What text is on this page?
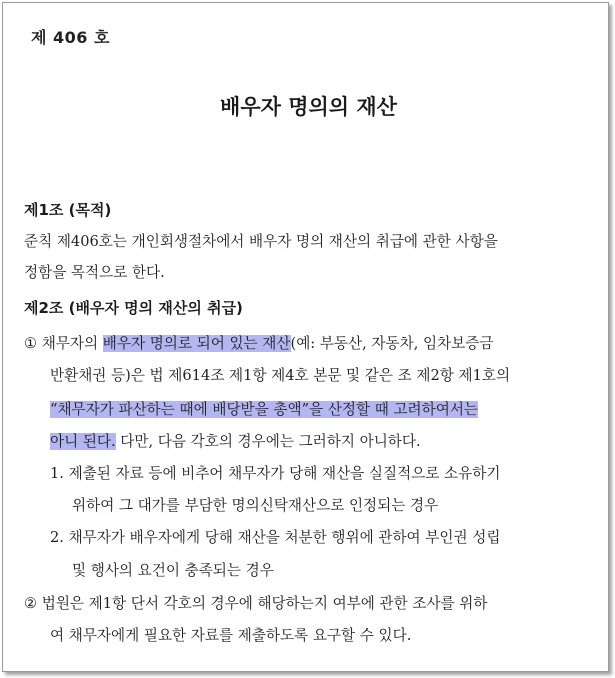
제 406 호
배우자 명의의 재산
제1조 (목적)
준칙 제406호는 개인회생절차에서 배우자 명의 재산의 취급에 관한 사항을
정함을 목적으로 한다.
제2조 (배우자 명의 재산의 취급)
① 채무자의 배우자 명의로 되어 있는 재산(예: 부동산, 자동차, 임차보증금
반환채권 등)은 법 제614조 제1항 제4호 본문 및 같은 조 제2항 제1호의
“채무자가 파산하는 때에 배당받을 총액”을 산정할 때 고려하여서는
아니 된다. 다만, 다음 각호의 경우에는 그러하지 아니하다.
1. 제출된 자료 등에 비추어 채무자가 당해 재산을 실질적으로 소유하기
위하여 그 대가를 부담한 명의신탁재산으로 인정되는 경우
2. 채무자가 배우자에게 당해 재산을 처분한 행위에 관하여 부인권 성립
및 행사의 요건이 충족되는 경우
② 법원은 제1항 단서 각호의 경우에 해당하는지 여부에 관한 조사를 위하
여 채무자에게 필요한 자료를 제출하도록 요구할 수 있다.
